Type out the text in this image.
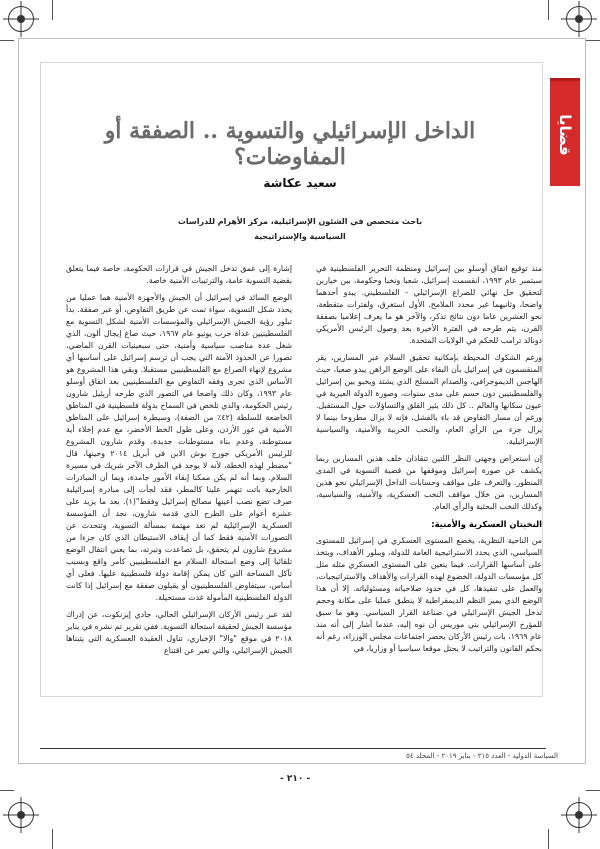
قضايا
الداخل الإسرائيلي والتسوية .. الصفقة أو المفاوضات؟
سعيد عكاشة
باحث متخصص في الشئون الإسرائيلية، مركز الأهرام للدراسات
السياسية والإستراتيجية

منذ توقيع اتفاق أوسلو بين إسرائيل ومنظمة التحرير الفلسطينية في سبتمبر عام ١٩٩٣، انقسمت إسرائيل، شعبا ونخبا وحكومة، بين خيارين لتحقيق حل نهائي للصراع الإسرائيلي - الفلسطيني. يبدو أحدهما واضحا، وثانيهما غير محدد الملامح. الأول استغرق، ولفترات متقطعة، نحو العشرين عاما دون نتائج تذكر، والآخر هو ما يعرف إعلاميا بصفقة القرن، يتم طرحه في الفترة الأخيرة بعد وصول الرئيس الأمريكي دونالد ترامب للحكم في الولايات المتحدة.

ورغم الشكوك المحيطة بإمكانية تحقيق السلام عبر المسارين، يقر المنقسمون في إسرائيل بأن البقاء على الوضع الراهن يبدو صعبا، حيث الهاجس الديموجرافي، والصدام المسلح الذي يشتد ويخبو بين إسرائيل والفلسطينيين دون حسم على مدى سنوات، وصورة الدولة العبرية في عيون سكانها والعالم .. كل ذلك يثير القلق والتساؤلات حول المستقبل. ورغم أن مسار التفاوض قد باء بالفشل، فإنه لا يزال مطروحا بينما لا يزال جزء من الرأي العام، والنخب الحزبية والأمنية، والسياسية الإسرائيلية.

إن استعراض وجهتي النظر اللتين تتقاذان خلف هذين المسارين ربما يكشف عن صورة إسرائيل وموقفها من قضية التسوية في المدى المنظور. والتعرف على مواقف وحسابات الداخل الإسرائيلي نحو هذين المسارين، من خلال مواقف النخب العسكرية، والأمنية، والسياسية، وكذلك النخب البحثية والرأي العام.

النخبتان العسكرية والأمنية:

من الناحية النظرية، يخضع المستوى العسكري في إسرائيل للمستوى السياسي، الذي يحدد الاستراتيجية العامة للدولة، ويبلور الأهداف، ويتخذ على أساسها القرارات. فيما يتعين على المستوى العسكري مثله مثل كل مؤسسات الدولة، الخضوع لهذه القرارات والأهداف والاستراتيجيات، والعمل على تنفيذها، كل في حدود صلاحياته ومسئولياته. إلا أن هذا الوضع الذي يميز النظم الديمقراطية لا ينطبق عمليا على مكانة وحجم تدخل الجيش الإسرائيلي في صناعة القرار السياسي. وهو ما سبق للمؤرخ الإسرائيلي بني موريس أن نوه إليه، عندما أشار إلى أنه منذ عام ١٩٦٩، بات رئيس الأركان يحضر اجتماعات مجلس الوزراء، رغم أنه بحكم القانون والتراتيب لا يحتل موقعا سياسيا أو وزاريا، في

إشارة إلى عمق تدخل الجيش في قرارات الحكومة، خاصة فيما يتعلق بقضية التسوية عامة، والترتيبات الأمنية خاصة.

الوضع السائد في إسرائيل أن الجيش والأجهزة الأمنية هما عمليا من يحدد شكل التسوية، سواء تمت عن طريق التفاوض، أو عبر صفقة. بدأ تبلور رؤية الجيش الإسرائيلي والمؤسسات الأمنية لشكل التسوية مع الفلسطينيين غداة حرب يونيو عام ١٩٦٧، حيث صاغ إيجال ألون، الذي شغل عدة مناصب سياسية وأمنية، حتى سبعينيات القرن الماضي، تصورا عن الحدود الآمنة التي يجب أن ترسم إسرائيل على أساسها أي مشروع لإنهاء الصراع مع الفلسطينيين مستقبلا. وبقي هذا المشروع هو الأساس الذي تجرى وفقه التفاوض مع الفلسطينيين بعد اتفاق أوسلو عام ١٩٩٣، وكان ذلك واضحا في التصور الذي طرحه أريئيل شارون رئيس الحكومة، والذي تلخص في السماح بدولة فلسطينية في المناطق الخاضعة للسلطة (٤٢٪ من الضفة)، وسيطرة إسرائيل على المناطق الأمنية في غور الأردن، وعلى طول الخط الأخضر، مع عدم إخلاء أية مستوطنة، وعدم بناء مستوطنات جديدة. وقدم شارون المشروع للرئيس الأمريكي جورج بوش الابن في أبريل ٢٠١٤ وحينها، قال "مضطر لهذه الخطة، لأنه لا يوجد في الطرف الآخر شريك في مسيرة السلام. وبما أنه لم يكن ممكنا إبقاء الأمور جامدة، وبما أن المبادرات الخارجية باتت تنهمر علينا كالمطر، فقد لجأت إلى مبادرة إسرائيلية صرف تضع نصب أعينها مصالح إسرائيل وفقط"(١). بعد ما يزيد على عشرة أعوام على الطرح الذي قدمه شارون، نجد أن المؤسسة العسكرية الإسرائيلية لم تعد مهتمة بمسألة التسوية، وتتحدث عن التصورات الأمنية فقط كما أن إيقاف الاستيطان الذي كان جزءا من مشروع شارون لم يتحقق، بل تصاعدت وتيرته، بما يعني انتقال الوضع تلقائيا إلى وضع استحالة السلام مع الفلسطينيين كأمر واقع وبسبب تآكل المساحة التي كان يمكن إقامة دولة فلسطينية عليها. فعلى أي أساس، سيتفاوض الفلسطينيون أو يقبلون صفقة مع إسرائيل إذا كانت الدولة الفلسطينية المأمولة غدت مستحيلة.

لقد عبر رئيس الأركان الإسرائيلي الحالي، جادي إيزنكوت، عن إدراك مؤسسة الجيش لحقيقة استحالة التسوية. ففي تقرير تم نشره في يناير ٢٠١٨ في موقع "والا" الإخباري، تناول العقيدة العسكرية التي يتبناها الجيش الإسرائيلي، والتي تعبر عن اقتناع

السياسة الدولية - العدد ٢١٥ - يناير ٢٠١٩ - المجلد ٥٤
- ٢١٠ -
